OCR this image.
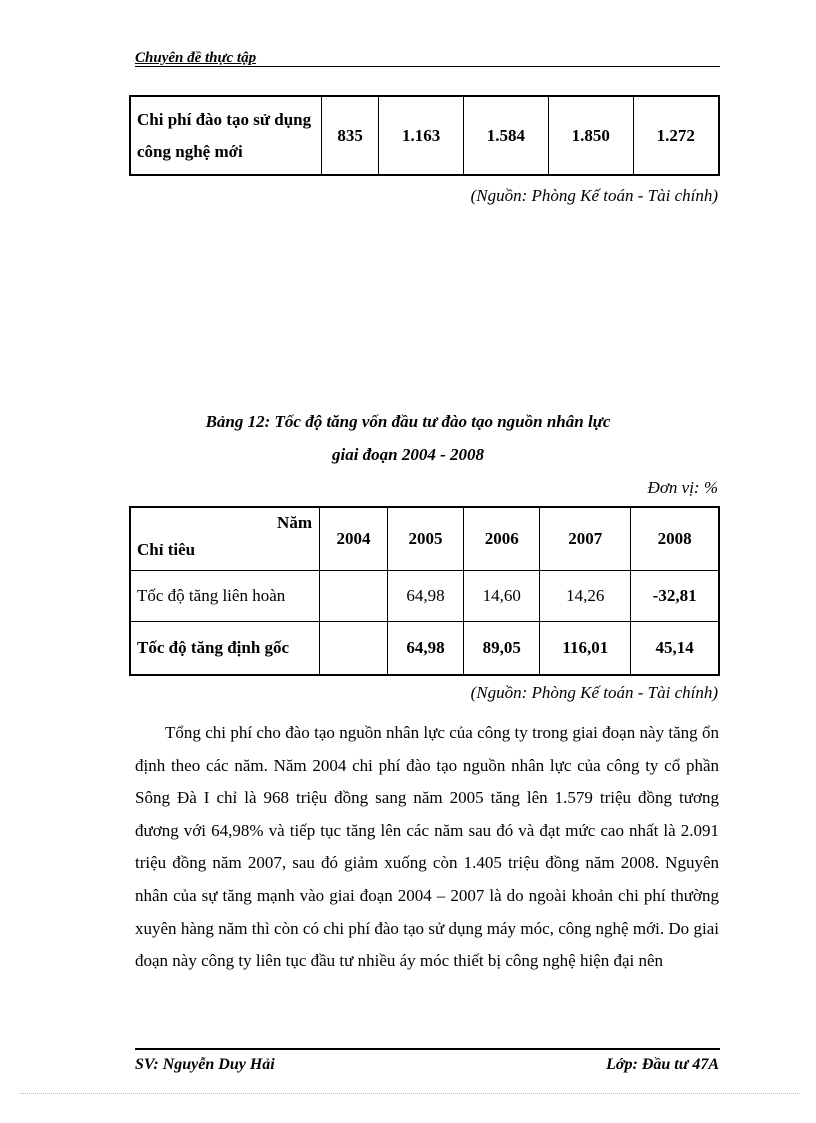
Chuyên đề thực tập
Chi phí đào tạo sử dụng công nghệ mới	835	1.163	1.584	1.850	1.272
(Nguồn: Phòng Kế toán - Tài chính)
Bảng 12: Tốc độ tăng vốn đầu tư đào tạo nguồn nhân lực
giai đoạn 2004 - 2008
Đơn vị: %
Năm
Chỉ tiêu	2004	2005	2006	2007	2008
Tốc độ tăng liên hoàn		64,98	14,60	14,26	-32,81
Tốc độ tăng định gốc		64,98	89,05	116,01	45,14
(Nguồn: Phòng Kế toán - Tài chính)
Tổng chi phí cho đào tạo nguồn nhân lực của công ty trong giai đoạn này tăng ổn định theo các năm. Năm 2004 chi phí đào tạo nguồn nhân lực của công ty cổ phần Sông Đà I chỉ là 968 triệu đồng sang năm 2005 tăng lên 1.579 triệu đồng tương đương với 64,98% và tiếp tục tăng lên các năm sau đó và đạt mức cao nhất là 2.091 triệu đồng năm 2007, sau đó giảm xuống còn 1.405 triệu đồng năm 2008. Nguyên nhân của sự tăng mạnh vào giai đoạn 2004 – 2007 là do ngoài khoản chi phí thường xuyên hàng năm thì còn có chi phí đào tạo sử dụng máy móc, công nghệ mới. Do giai đoạn này công ty liên tục đầu tư nhiều áy móc thiết bị công nghệ hiện đại nên
SV: Nguyễn Duy Hải	Lớp: Đầu tư 47A
